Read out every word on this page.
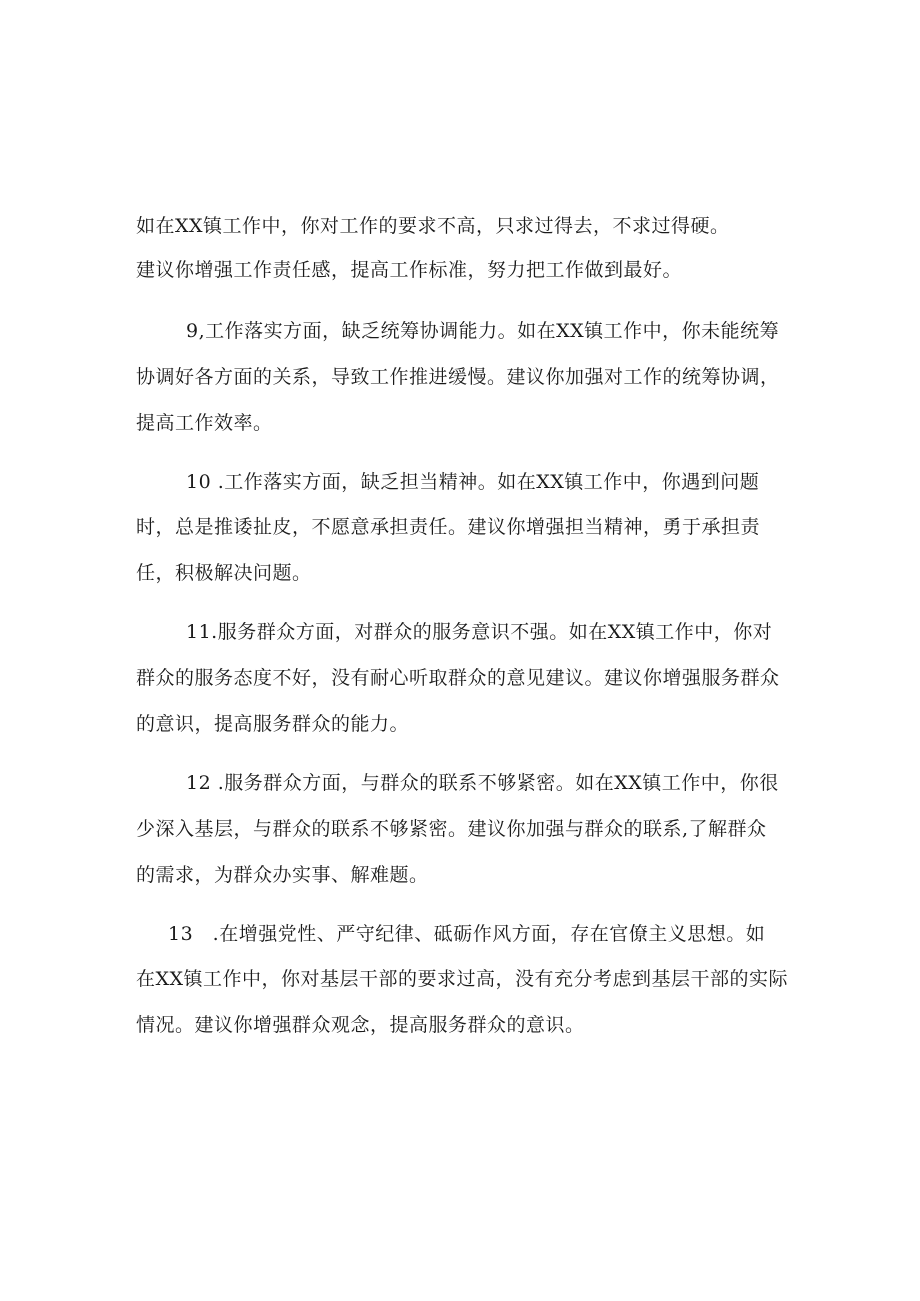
如在XX镇工作中，你对工作的要求不高，只求过得去，不求过得硬。
建议你增强工作责任感，提高工作标准，努力把工作做到最好。
9,工作落实方面，缺乏统筹协调能力。如在XX镇工作中，你未能统筹
协调好各方面的关系，导致工作推进缓慢。建议你加强对工作的统筹协调，
提高工作效率。
10 .工作落实方面，缺乏担当精神。如在XX镇工作中，你遇到问题
时，总是推诿扯皮，不愿意承担责任。建议你增强担当精神，勇于承担责
任，积极解决问题。
11.服务群众方面，对群众的服务意识不强。如在XX镇工作中，你对
群众的服务态度不好，没有耐心听取群众的意见建议。建议你增强服务群众
的意识，提高服务群众的能力。
12 .服务群众方面，与群众的联系不够紧密。如在XX镇工作中，你很
少深入基层，与群众的联系不够紧密。建议你加强与群众的联系,了解群众
的需求，为群众办实事、解难题。
13　.在增强党性、严守纪律、砥砺作风方面，存在官僚主义思想。如
在XX镇工作中，你对基层干部的要求过高，没有充分考虑到基层干部的实际
情况。建议你增强群众观念，提高服务群众的意识。
